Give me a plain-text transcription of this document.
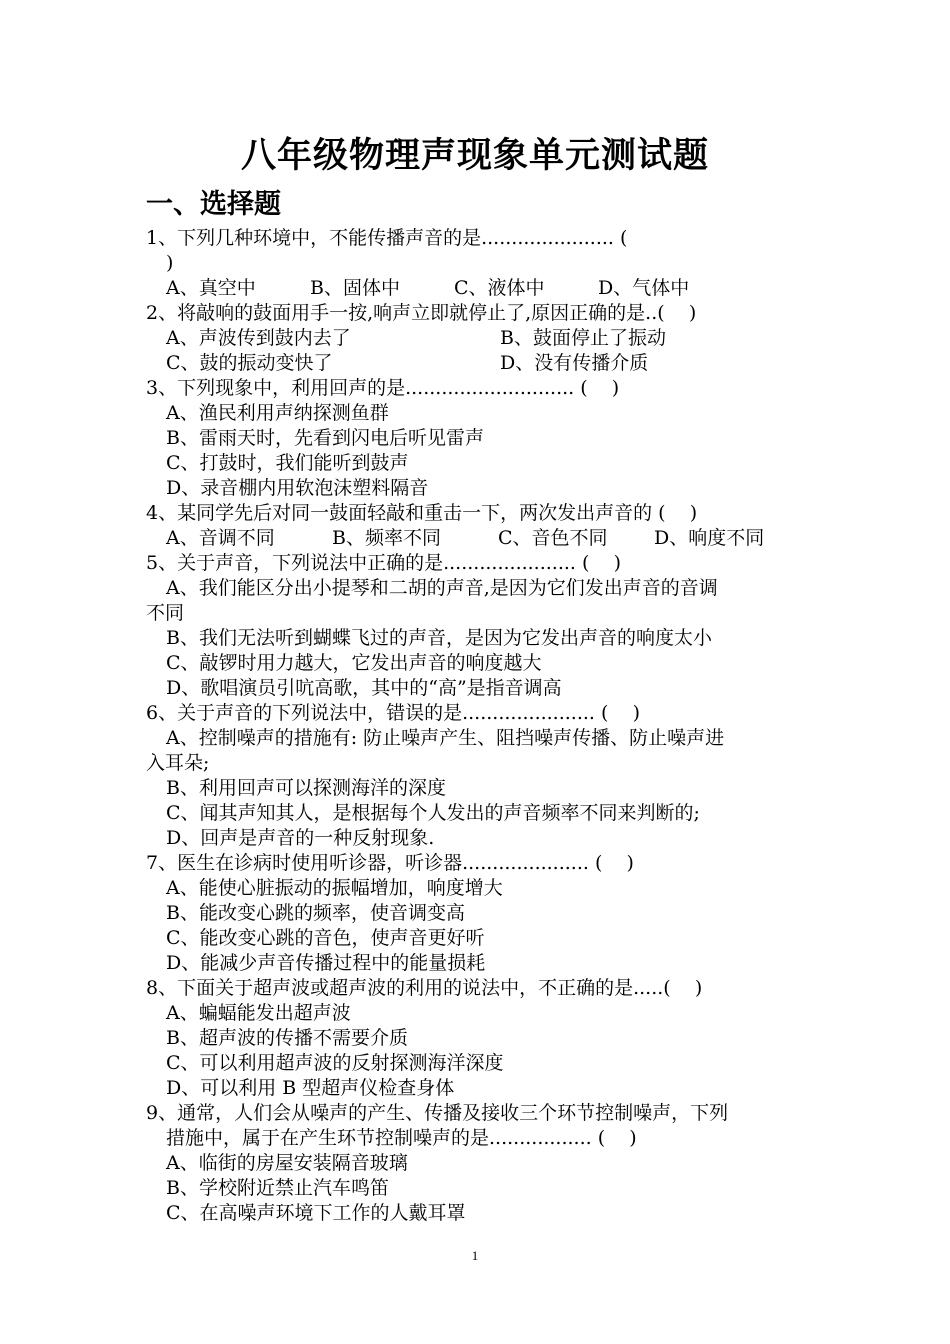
八年级物理声现象单元测试题
一、选择题
1、下列几种环境中，不能传播声音的是...................... (
)
A、真空中	B、固体中	C、液体中	D、气体中
2、将敲响的鼓面用手一按,响声立即就停止了,原因正确的是..(    )
A、声波传到鼓内去了	B、鼓面停止了振动
C、鼓的振动变快了	D、没有传播介质
3、下列现象中，利用回声的是............................ (    )
A、渔民利用声纳探测鱼群
B、雷雨天时，先看到闪电后听见雷声
C、打鼓时，我们能听到鼓声
D、录音棚内用软泡沫塑料隔音
4、某同学先后对同一鼓面轻敲和重击一下，两次发出声音的 (    )
A、音调不同	B、频率不同	C、音色不同	D、响度不同
5、关于声音，下列说法中正确的是...................... (    )
A、我们能区分出小提琴和二胡的声音,是因为它们发出声音的音调
不同
B、我们无法听到蝴蝶飞过的声音，是因为它发出声音的响度太小
C、敲锣时用力越大，它发出声音的响度越大
D、歌唱演员引吭高歌，其中的“高”是指音调高
6、关于声音的下列说法中，错误的是...................... (    )
A、控制噪声的措施有: 防止噪声产生、阻挡噪声传播、防止噪声进
入耳朵;
B、利用回声可以探测海洋的深度
C、闻其声知其人，是根据每个人发出的声音频率不同来判断的;
D、回声是声音的一种反射现象.
7、医生在诊病时使用听诊器，听诊器..................... (    )
A、能使心脏振动的振幅增加，响度增大
B、能改变心跳的频率，使音调变高
C、能改变心跳的音色，使声音更好听
D、能减少声音传播过程中的能量损耗
8、下面关于超声波或超声波的利用的说法中，不正确的是.....(    )
A、蝙蝠能发出超声波
B、超声波的传播不需要介质
C、可以利用超声波的反射探测海洋深度
D、可以利用 B 型超声仪检查身体
9、通常，人们会从噪声的产生、传播及接收三个环节控制噪声，下列
措施中，属于在产生环节控制噪声的是................. (    )
A、临街的房屋安装隔音玻璃
B、学校附近禁止汽车鸣笛
C、在高噪声环境下工作的人戴耳罩
1
